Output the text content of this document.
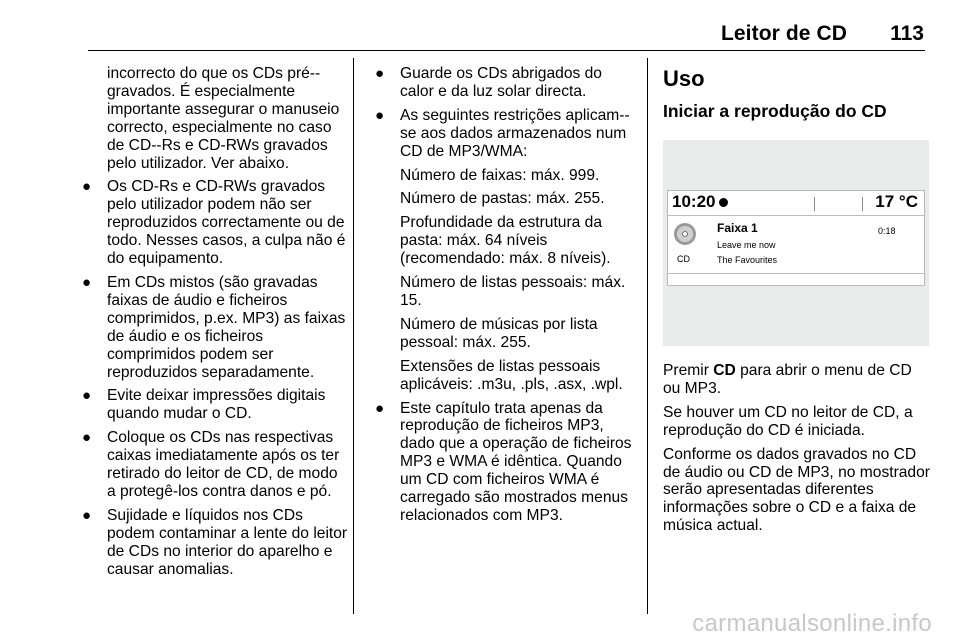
Leitor de CD 113

incorrecto do que os CDs pré--gravados. É especialmente importante assegurar o manuseio correcto, especialmente no caso de CD--Rs e CD-RWs gravados pelo utilizador. Ver abaixo.

● Os CD-Rs e CD-RWs gravados pelo utilizador podem não ser reproduzidos correctamente ou de todo. Nesses casos, a culpa não é do equipamento.
● Em CDs mistos (são gravadas faixas de áudio e ficheiros comprimidos, p.ex. MP3) as faixas de áudio e os ficheiros comprimidos podem ser reproduzidos separadamente.
● Evite deixar impressões digitais quando mudar o CD.
● Coloque os CDs nas respectivas caixas imediatamente após os ter retirado do leitor de CD, de modo a protegê-los contra danos e pó.
● Sujidade e líquidos nos CDs podem contaminar a lente do leitor de CDs no interior do aparelho e causar anomalias.
● Guarde os CDs abrigados do calor e da luz solar directa.
● As seguintes restrições aplicam--se aos dados armazenados num CD de MP3/WMA:

Número de faixas: máx. 999.

Número de pastas: máx. 255.

Profundidade da estrutura da pasta: máx. 64 níveis (recomendado: máx. 8 níveis).

Número de listas pessoais: máx. 15.

Número de músicas por lista pessoal: máx. 255.

Extensões de listas pessoais aplicáveis: .m3u, .pls, .asx, .wpl.

● Este capítulo trata apenas da reprodução de ficheiros MP3, dado que a operação de ficheiros MP3 e WMA é idêntica. Quando um CD com ficheiros WMA é carregado são mostrados menus relacionados com MP3.
Uso
Iniciar a reprodução do CD
10:20	17 °C
CD
Faixa 1
Leave me now
The Favourites
0:18

Premir CD para abrir o menu de CD ou MP3.

Se houver um CD no leitor de CD, a reprodução do CD é iniciada.

Conforme os dados gravados no CD de áudio ou CD de MP3, no mostrador serão apresentadas diferentes informações sobre o CD e a faixa de música actual.

carmanualsonline.info
